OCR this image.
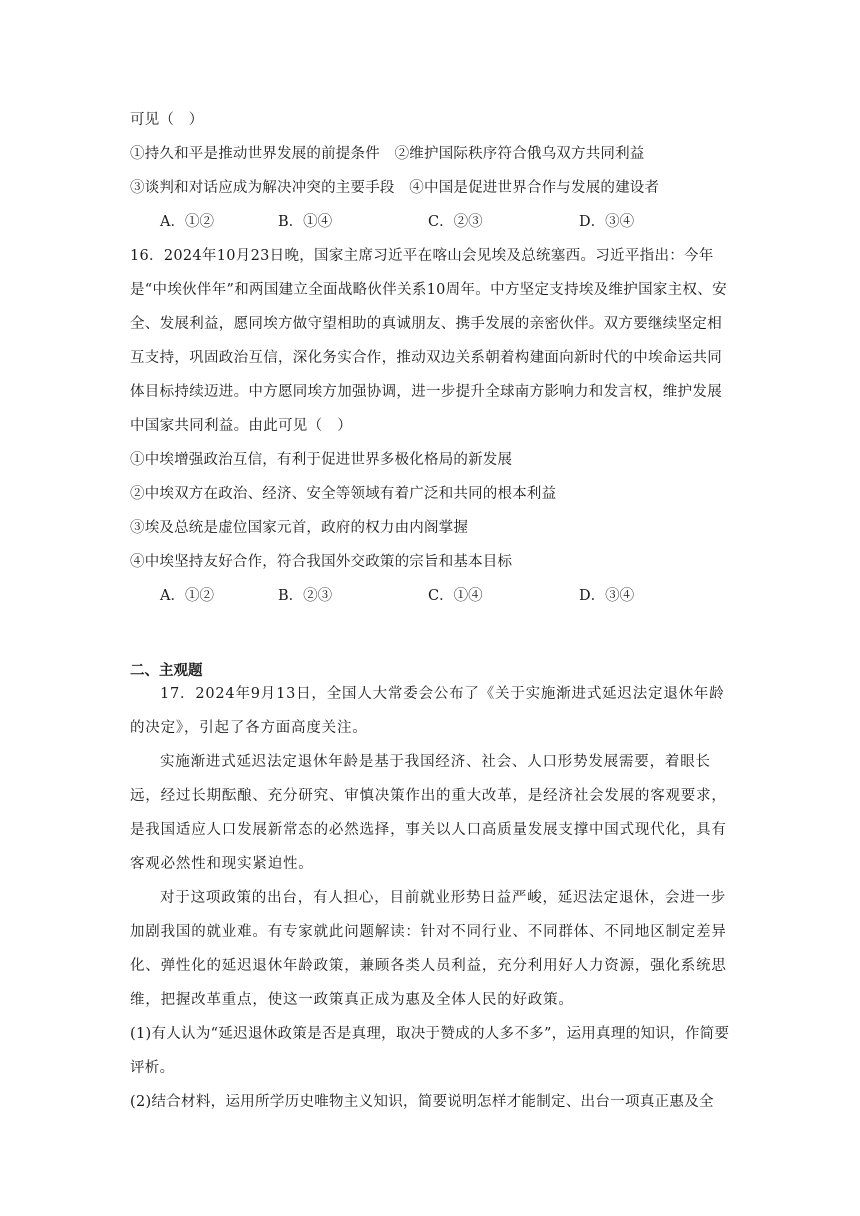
可见（　）
①持久和平是推动世界发展的前提条件　②维护国际秩序符合俄乌双方共同利益
③谈判和对话应成为解决冲突的主要手段　④中国是促进世界合作与发展的建设者
A．①②	B．①④	C．②③	D．③④
16．2024年10月23日晚，国家主席习近平在喀山会见埃及总统塞西。习近平指出：今年是“中埃伙伴年”和两国建立全面战略伙伴关系10周年。中方坚定支持埃及维护国家主权、安全、发展利益，愿同埃方做守望相助的真诚朋友、携手发展的亲密伙伴。双方要继续坚定相互支持，巩固政治互信，深化务实合作，推动双边关系朝着构建面向新时代的中埃命运共同体目标持续迈进。中方愿同埃方加强协调，进一步提升全球南方影响力和发言权，维护发展中国家共同利益。由此可见（　）
①中埃增强政治互信，有利于促进世界多极化格局的新发展
②中埃双方在政治、经济、安全等领域有着广泛和共同的根本利益
③埃及总统是虚位国家元首，政府的权力由内阁掌握
④中埃坚持友好合作，符合我国外交政策的宗旨和基本目标
A．①②	B．②③	C．①④	D．③④
二、主观题
17．2024年9月13日，全国人大常委会公布了《关于实施渐进式延迟法定退休年龄的决定》，引起了各方面高度关注。
实施渐进式延迟法定退休年龄是基于我国经济、社会、人口形势发展需要，着眼长远，经过长期酝酿、充分研究、审慎决策作出的重大改革，是经济社会发展的客观要求，是我国适应人口发展新常态的必然选择，事关以人口高质量发展支撑中国式现代化，具有客观必然性和现实紧迫性。
对于这项政策的出台，有人担心，目前就业形势日益严峻，延迟法定退休，会进一步加剧我国的就业难。有专家就此问题解读：针对不同行业、不同群体、不同地区制定差异化、弹性化的延迟退休年龄政策，兼顾各类人员利益，充分利用好人力资源，强化系统思维，把握改革重点，使这一政策真正成为惠及全体人民的好政策。
(1)有人认为“延迟退休政策是否是真理，取决于赞成的人多不多”，运用真理的知识，作简要评析。
(2)结合材料，运用所学历史唯物主义知识，简要说明怎样才能制定、出台一项真正惠及全
